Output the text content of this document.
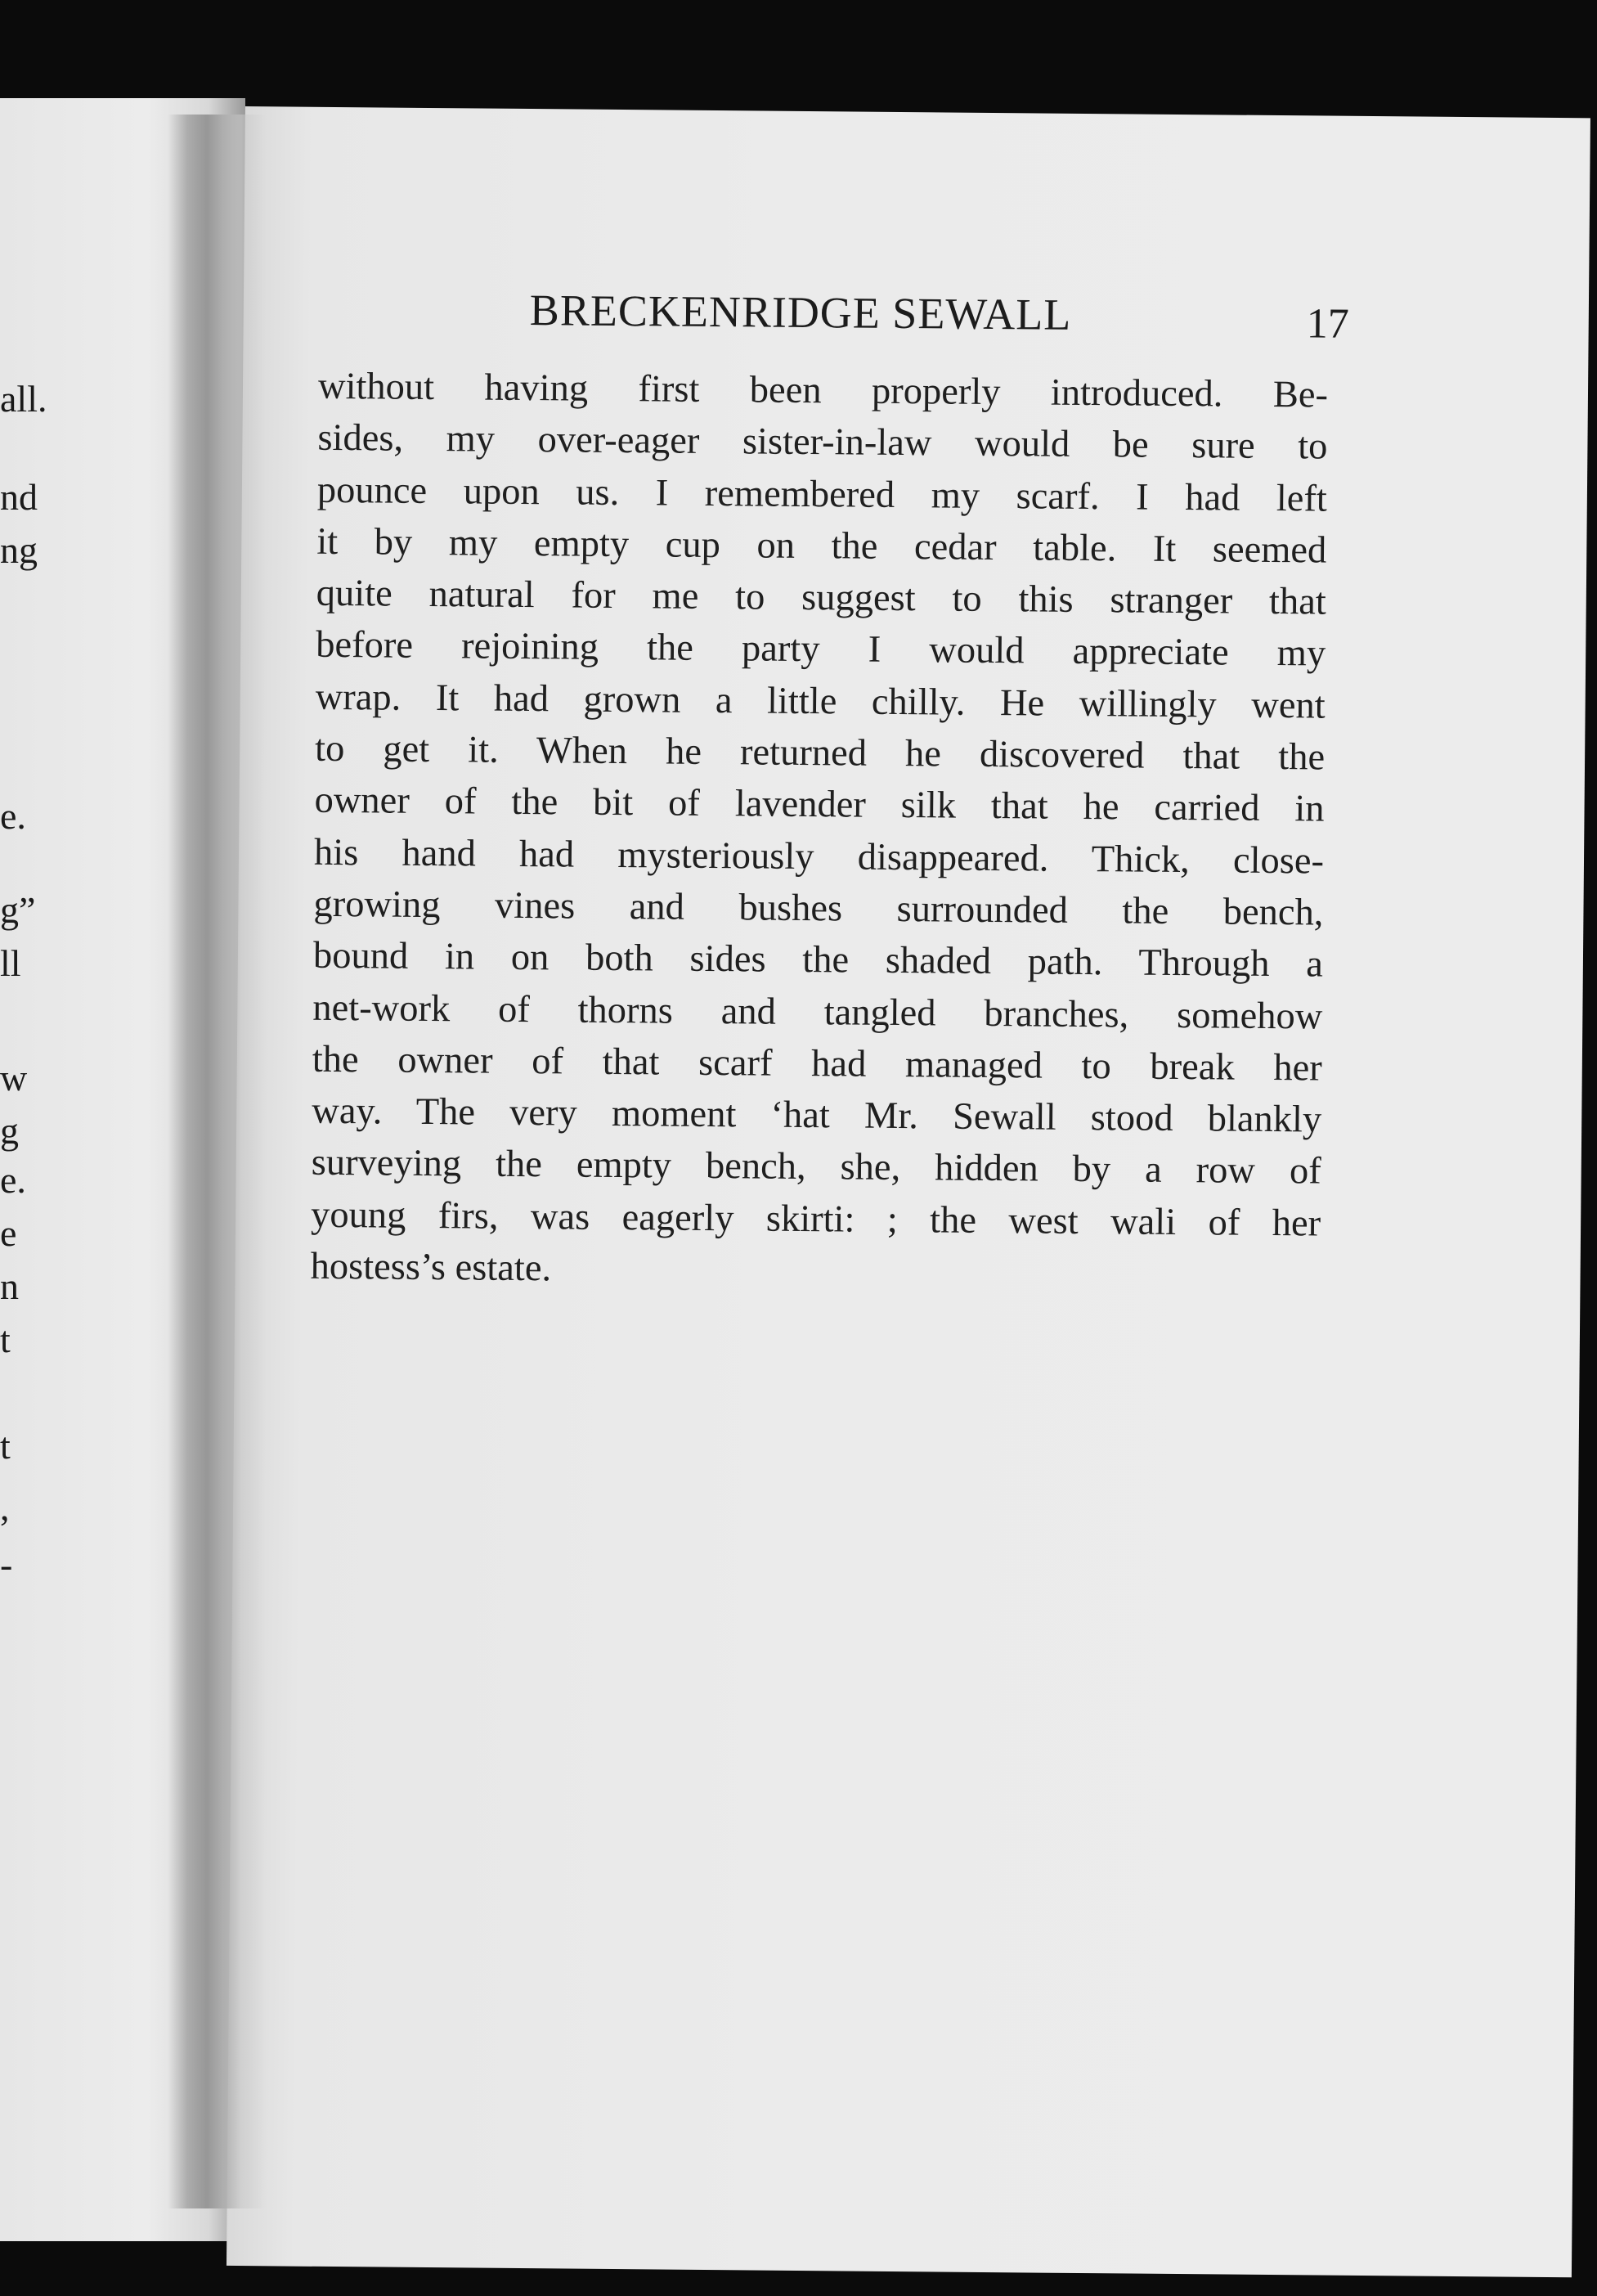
all.
nd
ng
e.
g”
ll
w
g
e.
e
n
t
t
,
-
BRECKENRIDGE SEWALL	17
without having first been properly introduced. Be-
sides, my over-eager sister-in-law would be sure to
pounce upon us. I remembered my scarf. I had left
it by my empty cup on the cedar table. It seemed
quite natural for me to suggest to this stranger that
before rejoining the party I would appreciate my
wrap. It had grown a little chilly. He willingly went
to get it. When he returned he discovered that the
owner of the bit of lavender silk that he carried in
his hand had mysteriously disappeared. Thick, close-
growing vines and bushes surrounded the bench,
bound in on both sides the shaded path. Through a
net-work of thorns and tangled branches, somehow
the owner of that scarf had managed to break her
way. The very moment ‘hat Mr. Sewall stood blankly
surveying the empty bench, she, hidden by a row of
young firs, was eagerly skirti: ; the west wali of her
hostess’s estate.
